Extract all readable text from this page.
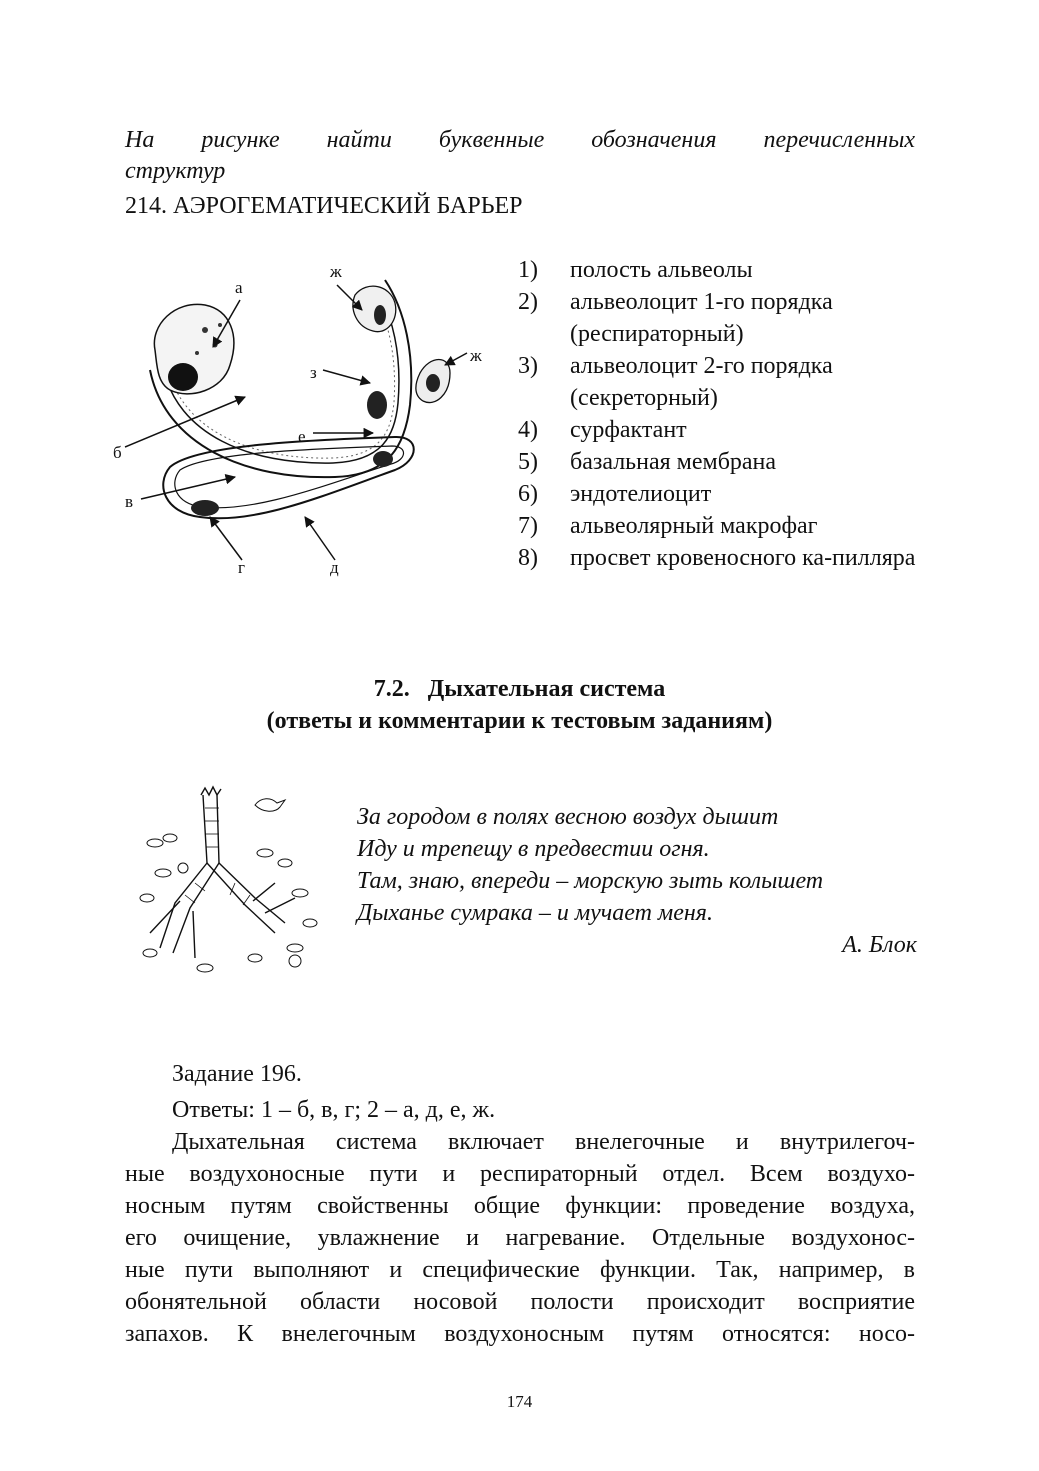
На рисунке найти буквенные обозначения перечисленных
структур
214. АЭРОГЕМАТИЧЕСКИЙ БАРЬЕР
а
ж
ж
з
е
б
в
г	д
1)	полость альвеолы
2)	альвеолоцит 1-го порядка (респираторный)
3)	альвеолоцит 2-го порядка (секреторный)
4)	сурфактант
5)	базальная мембрана
6)	эндотелиоцит
7)	альвеолярный макрофаг
8)	просвет кровеносного ка-пилляра
7.2.   Дыхательная система
(ответы и комментарии к тестовым заданиям)
За городом в полях весною воздух дышит
Иду и трепещу в предвестии огня.
Там, знаю, впереди – морскую зыть колышет
Дыханье сумрака – и мучает меня.
А. Блок
Задание 196.
Ответы: 1 – б, в, г; 2 – а, д, е, ж.
Дыхательная система включает внелегочные и внутрилегоч-
ные воздухоносные пути и респираторный отдел. Всем воздухо-
носным путям свойственны общие функции: проведение воздуха,
его очищение, увлажнение и нагревание. Отдельные воздухонос-
ные пути выполняют и специфические функции. Так, например, в
обонятельной области носовой полости происходит восприятие
запахов. К внелегочным воздухоносным путям относятся: носо-
174
